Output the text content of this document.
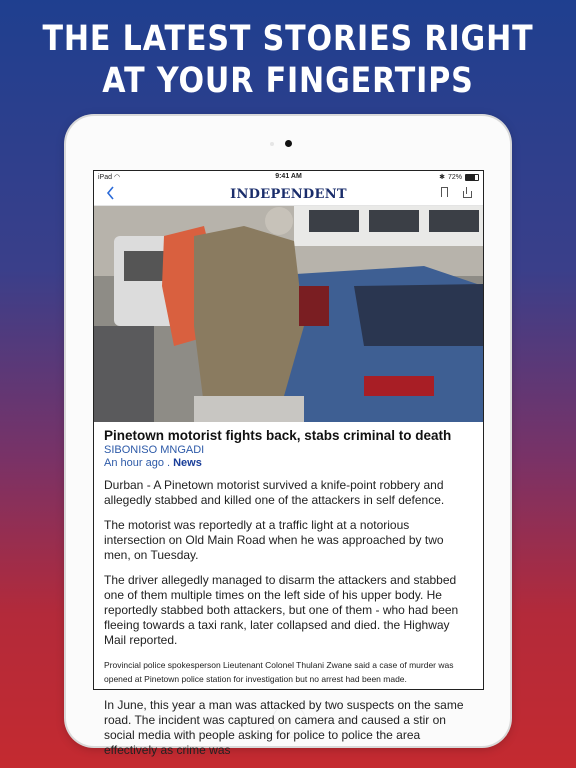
THE LATEST STORIES RIGHT
AT YOUR FINGERTIPS
iPad ◠	9:41 AM	✱ 72%
INDEPENDENT
Pinetown motorist fights back, stabs criminal to death
SIBONISO MNGADI
An hour ago . News

Durban - A Pinetown motorist survived a knife-point robbery and allegedly stabbed and killed one of the attackers in self defence.

The motorist was reportedly at a traffic light at a notorious intersection on Old Main Road when he was approached by two men, on Tuesday.

The driver allegedly managed to disarm the attackers and stabbed one of them multiple times on the left side of his upper body. He reportedly stabbed both attackers, but one of them - who had been fleeing towards a taxi rank, later collapsed and died. the Highway Mail reported.

Provincial police spokesperson Lieutenant Colonel Thulani Zwane said a case of murder was opened at Pinetown police station for investigation but no arrest had been made.

In June, this year a man was attacked by two suspects on the same road. The incident was captured on camera and caused a stir on social media with people asking for police to police the area effectively as crime was
